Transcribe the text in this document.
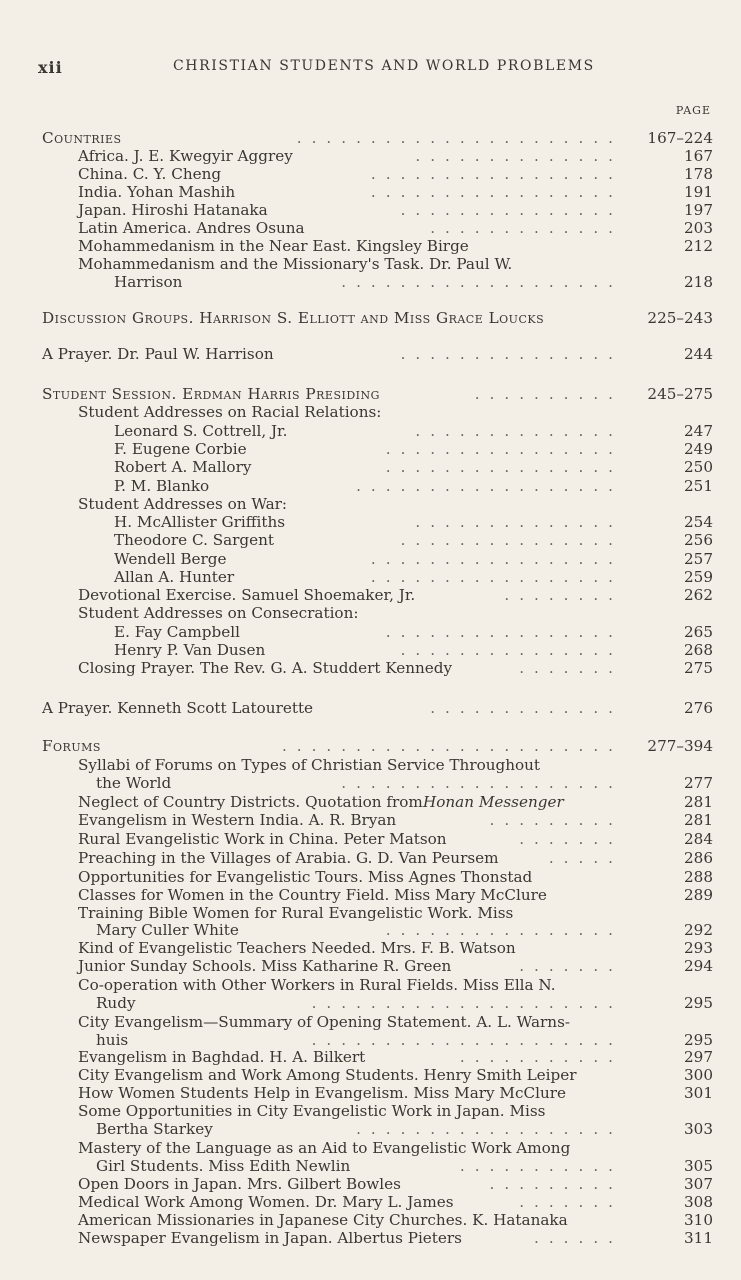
xii	CHRISTIAN STUDENTS AND WORLD PROBLEMS
PAGE
Countries	...................... 167–224
Africa. J. E. Kwegyir Aggrey	..............	167
China. C. Y. Cheng	.................	178
India. Yohan Mashih	.................	191
Japan. Hiroshi Hatanaka	...............	197
Latin America. Andres Osuna	.............	203
Mohammedanism in the Near East. Kingsley Birge	212
Mohammedanism and the Missionary's Task. Dr. Paul W.
Harrison	...................	218
Discussion Groups. Harrison S. Elliott and Miss Grace Loucks	225–243
A Prayer. Dr. Paul W. Harrison	...............	244
Student Session. Erdman Harris Presiding	.......... 245–275
Student Addresses on Racial Relations:
Leonard S. Cottrell, Jr.	..............	247
F. Eugene Corbie	................	249
Robert A. Mallory	................	250
P. M. Blanko	..................	251
Student Addresses on War:
H. McAllister Griffiths	..............	254
Theodore C. Sargent	...............	256
Wendell Berge	.................	257
Allan A. Hunter	.................	259
Devotional Exercise. Samuel Shoemaker, Jr.	........	262
Student Addresses on Consecration:
E. Fay Campbell	................	265
Henry P. Van Dusen	...............	268
Closing Prayer. The Rev. G. A. Studdert Kennedy	.......	275
A Prayer. Kenneth Scott Latourette	.............	276
Forums	....................... 277–394
Syllabi of Forums on Types of Christian Service Throughout
the World	...................	277
Neglect of Country Districts. Quotation from Honan Messenger	281
Evangelism in Western India. A. R. Bryan	.........	281
Rural Evangelistic Work in China. Peter Matson	.......	284
Preaching in the Villages of Arabia. G. D. Van Peursem	.....	286
Opportunities for Evangelistic Tours. Miss Agnes Thonstad	288
Classes for Women in the Country Field. Miss Mary McClure	289
Training Bible Women for Rural Evangelistic Work. Miss
Mary Culler White	................	292
Kind of Evangelistic Teachers Needed. Mrs. F. B. Watson	293
Junior Sunday Schools. Miss Katharine R. Green	.......	294
Co-operation with Other Workers in Rural Fields. Miss Ella N.
Rudy	.....................	295
City Evangelism—Summary of Opening Statement. A. L. Warns-
huis	.....................	295
Evangelism in Baghdad. H. A. Bilkert	...........	297
City Evangelism and Work Among Students. Henry Smith Leiper	300
How Women Students Help in Evangelism. Miss Mary McClure	301
Some Opportunities in City Evangelistic Work in Japan. Miss
Bertha Starkey	..................	303
Mastery of the Language as an Aid to Evangelistic Work Among
Girl Students. Miss Edith Newlin	...........	305
Open Doors in Japan. Mrs. Gilbert Bowles	.........	307
Medical Work Among Women. Dr. Mary L. James	.......	308
American Missionaries in Japanese City Churches. K. Hatanaka	310
Newspaper Evangelism in Japan. Albertus Pieters	......	311
